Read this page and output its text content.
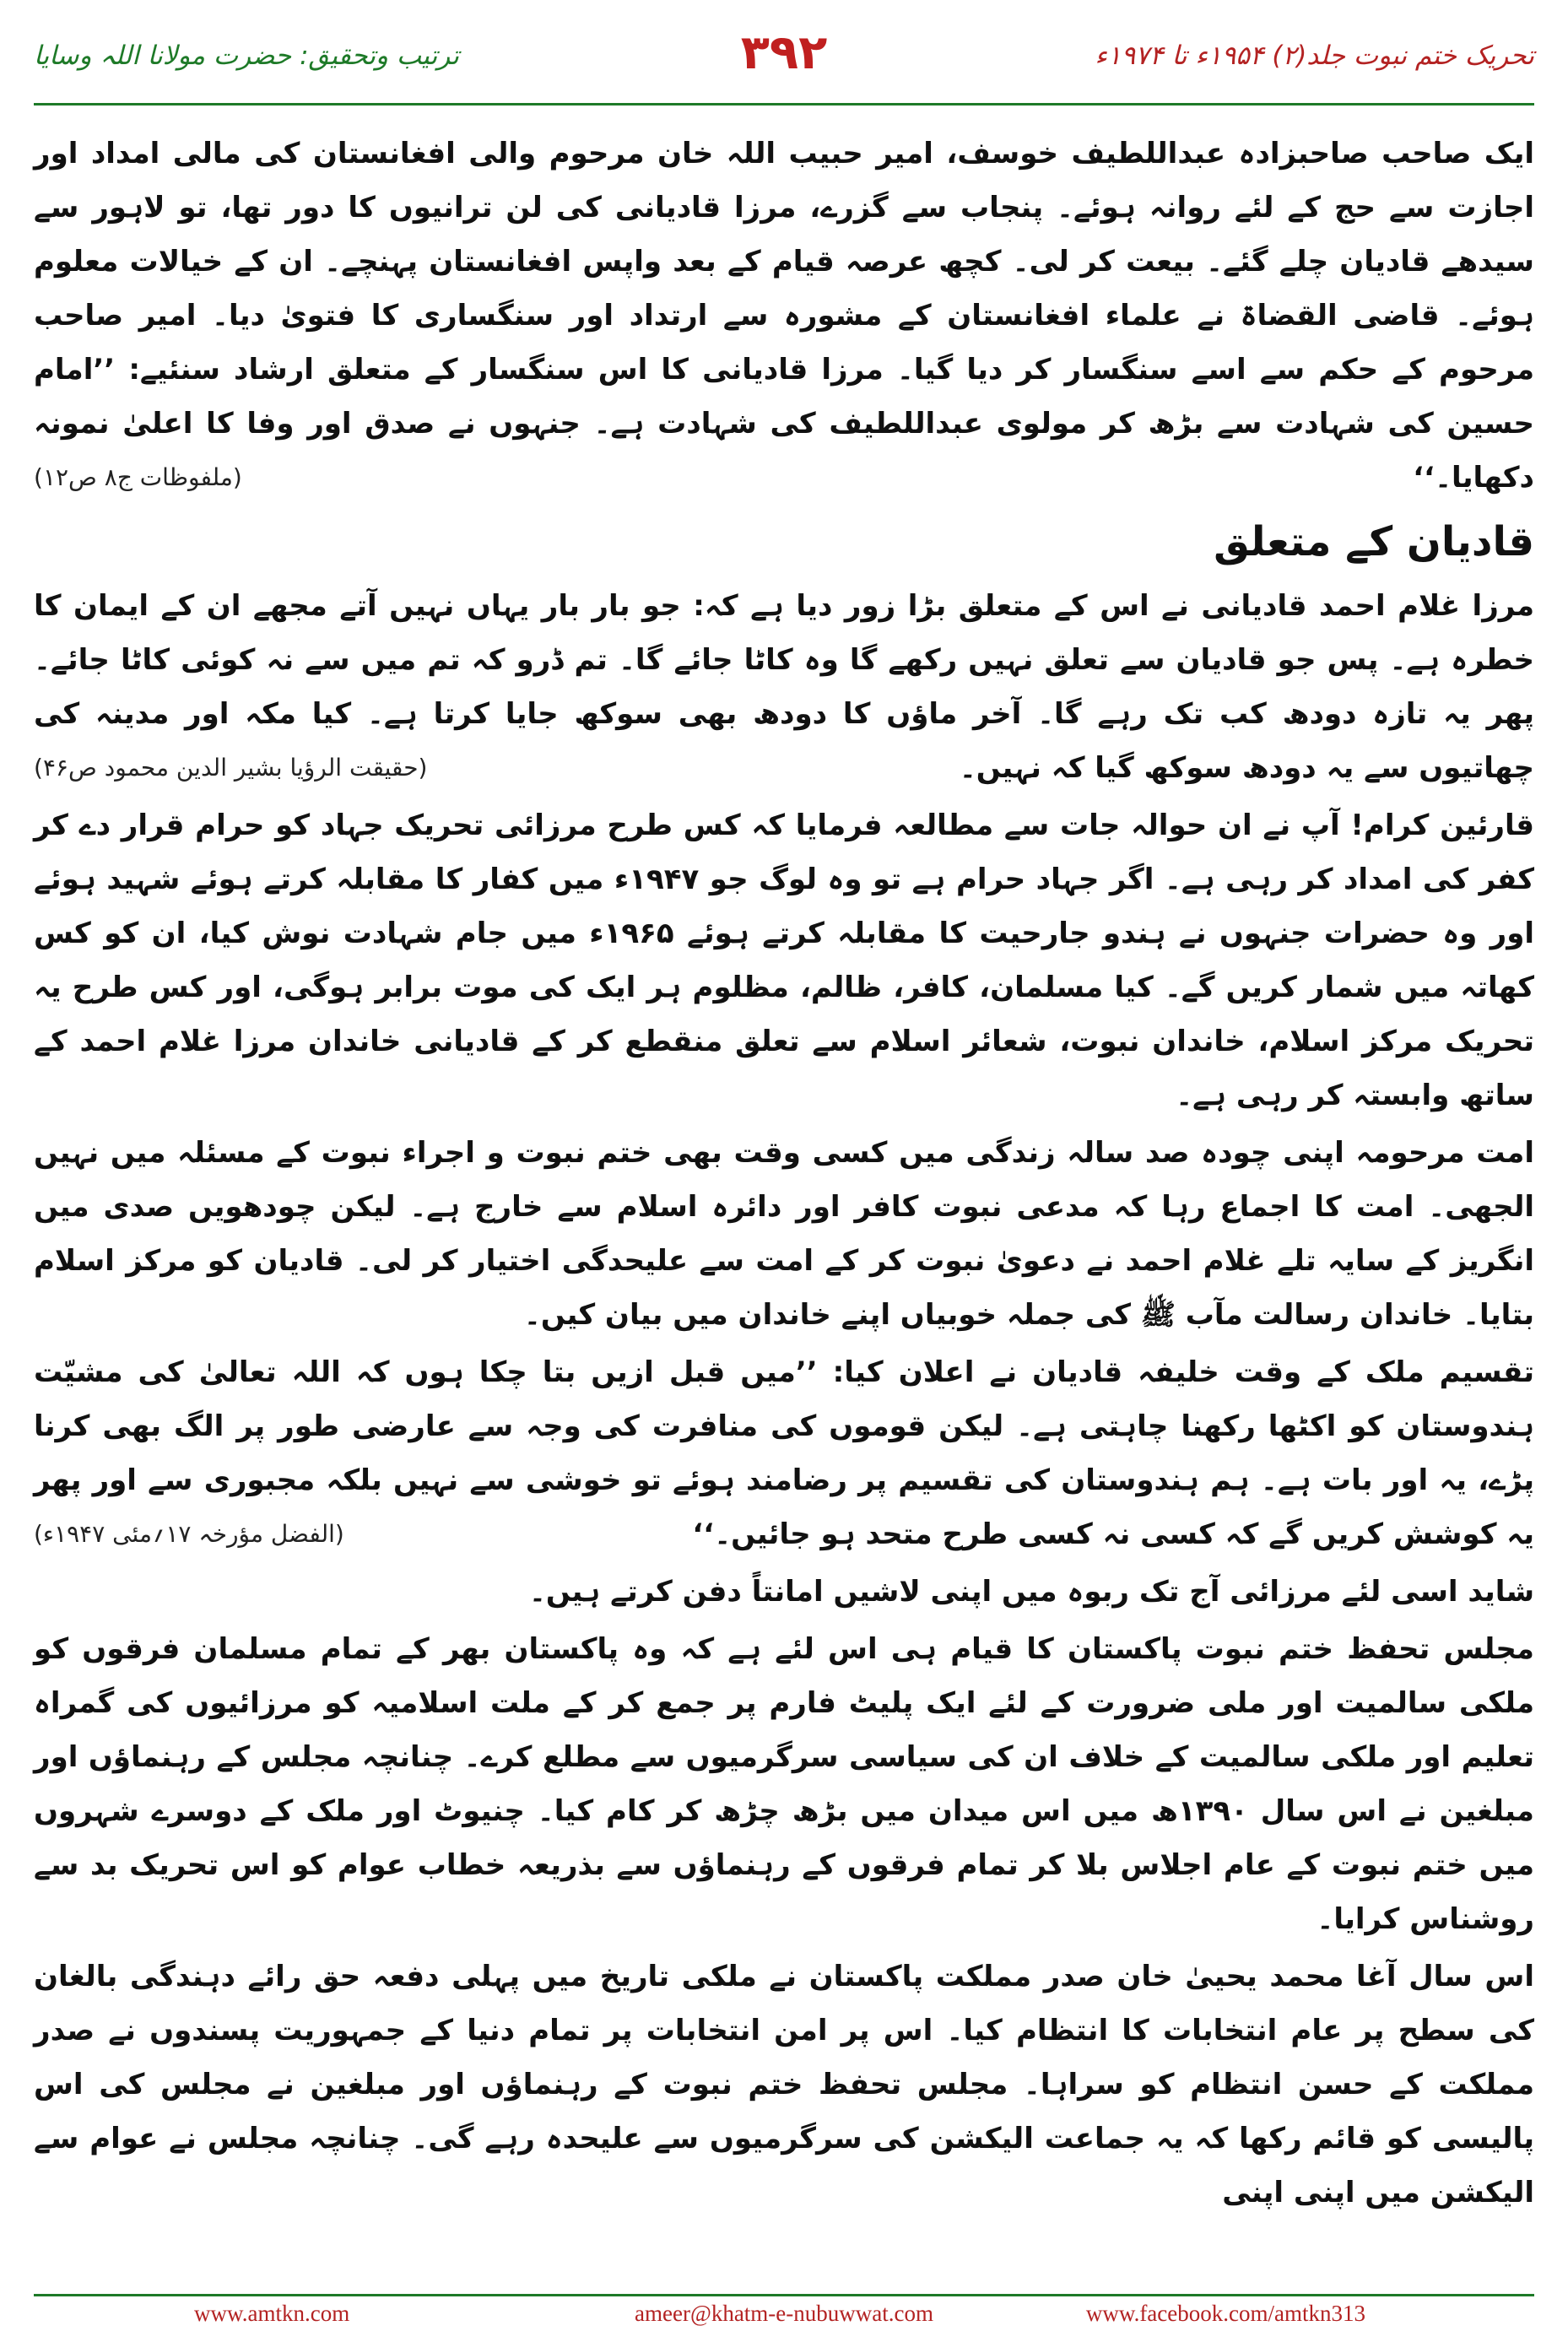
تحریک ختم نبوت جلد(۲) ۱۹۵۴ء تا ۱۹۷۴ء
۳۹۲
ترتیب وتحقیق: حضرت مولانا اللہ وسایا

ایک صاحب صاحبزادہ عبداللطیف خوسف، امیر حبیب اللہ خان مرحوم والی افغانستان کی مالی امداد اور اجازت سے حج کے لئے روانہ ہوئے۔ پنجاب سے گزرے، مرزا قادیانی کی لن ترانیوں کا دور تھا، تو لاہور سے سیدھے قادیان چلے گئے۔ بیعت کر لی۔ کچھ عرصہ قیام کے بعد واپس افغانستان پہنچے۔ ان کے خیالات معلوم ہوئے۔ قاضی القضاۃ نے علماء افغانستان کے مشورہ سے ارتداد اور سنگساری کا فتویٰ دیا۔ امیر صاحب مرحوم کے حکم سے اسے سنگسار کر دیا گیا۔ مرزا قادیانی کا اس سنگسار کے متعلق ارشاد سنئیے: ’’امام حسین کی شہادت سے بڑھ کر مولوی عبداللطیف کی شہادت ہے۔ جنہوں نے صدق اور وفا کا اعلیٰ نمونہ دکھایا۔‘‘
(ملفوظات ج۸ ص۱۲)

قادیان کے متعلق

مرزا غلام احمد قادیانی نے اس کے متعلق بڑا زور دیا ہے کہ: جو بار بار یہاں نہیں آتے مجھے ان کے ایمان کا خطرہ ہے۔ پس جو قادیان سے تعلق نہیں رکھے گا وہ کاٹا جائے گا۔ تم ڈرو کہ تم میں سے نہ کوئی کاٹا جائے۔ پھر یہ تازہ دودھ کب تک رہے گا۔ آخر ماؤں کا دودھ بھی سوکھ جایا کرتا ہے۔ کیا مکہ اور مدینہ کی چھاتیوں سے یہ دودھ سوکھ گیا کہ نہیں۔
(حقیقت الرؤیا بشیر الدین محمود ص۴۶)

قارئین کرام! آپ نے ان حوالہ جات سے مطالعہ فرمایا کہ کس طرح مرزائی تحریک جہاد کو حرام قرار دے کر کفر کی امداد کر رہی ہے۔ اگر جہاد حرام ہے تو وہ لوگ جو ۱۹۴۷ء میں کفار کا مقابلہ کرتے ہوئے شہید ہوئے اور وہ حضرات جنہوں نے ہندو جارحیت کا مقابلہ کرتے ہوئے ۱۹۶۵ء میں جام شہادت نوش کیا، ان کو کس کھاتہ میں شمار کریں گے۔ کیا مسلمان، کافر، ظالم، مظلوم ہر ایک کی موت برابر ہوگی، اور کس طرح یہ تحریک مرکز اسلام، خاندان نبوت، شعائر اسلام سے تعلق منقطع کر کے قادیانی خاندان مرزا غلام احمد کے ساتھ وابستہ کر رہی ہے۔

امت مرحومہ اپنی چودہ صد سالہ زندگی میں کسی وقت بھی ختم نبوت و اجراء نبوت کے مسئلہ میں نہیں الجھی۔ امت کا اجماع رہا کہ مدعی نبوت کافر اور دائرہ اسلام سے خارج ہے۔ لیکن چودھویں صدی میں انگریز کے سایہ تلے غلام احمد نے دعویٰ نبوت کر کے امت سے علیحدگی اختیار کر لی۔ قادیان کو مرکز اسلام بتایا۔ خاندان رسالت مآب ﷺ کی جملہ خوبیاں اپنے خاندان میں بیان کیں۔

تقسیم ملک کے وقت خلیفہ قادیان نے اعلان کیا: ’’میں قبل ازیں بتا چکا ہوں کہ اللہ تعالیٰ کی مشیّت ہندوستان کو اکٹھا رکھنا چاہتی ہے۔ لیکن قوموں کی منافرت کی وجہ سے عارضی طور پر الگ بھی کرنا پڑے، یہ اور بات ہے۔ ہم ہندوستان کی تقسیم پر رضامند ہوئے تو خوشی سے نہیں بلکہ مجبوری سے اور پھر یہ کوشش کریں گے کہ کسی نہ کسی طرح متحد ہو جائیں۔‘‘
(الفضل مؤرخہ ۱۷؍مئی ۱۹۴۷ء)

شاید اسی لئے مرزائی آج تک ربوہ میں اپنی لاشیں امانتاً دفن کرتے ہیں۔

مجلس تحفظ ختم نبوت پاکستان کا قیام ہی اس لئے ہے کہ وہ پاکستان بھر کے تمام مسلمان فرقوں کو ملکی سالمیت اور ملی ضرورت کے لئے ایک پلیٹ فارم پر جمع کر کے ملت اسلامیہ کو مرزائیوں کی گمراہ تعلیم اور ملکی سالمیت کے خلاف ان کی سیاسی سرگرمیوں سے مطلع کرے۔ چنانچہ مجلس کے رہنماؤں اور مبلغین نے اس سال ۱۳۹۰ھ میں اس میدان میں بڑھ چڑھ کر کام کیا۔ چنیوٹ اور ملک کے دوسرے شہروں میں ختم نبوت کے عام اجلاس بلا کر تمام فرقوں کے رہنماؤں سے بذریعہ خطاب عوام کو اس تحریک بد سے روشناس کرایا۔

اس سال آغا محمد یحییٰ خان صدر مملکت پاکستان نے ملکی تاریخ میں پہلی دفعہ حق رائے دہندگی بالغان کی سطح پر عام انتخابات کا انتظام کیا۔ اس پر امن انتخابات پر تمام دنیا کے جمہوریت پسندوں نے صدر مملکت کے حسن انتظام کو سراہا۔ مجلس تحفظ ختم نبوت کے رہنماؤں اور مبلغین نے مجلس کی اس پالیسی کو قائم رکھا کہ یہ جماعت الیکشن کی سرگرمیوں سے علیحدہ رہے گی۔ چنانچہ مجلس نے عوام سے الیکشن میں اپنی اپنی

www.amtkn.com	ameer@khatm-e-nubuwwat.com	www.facebook.com/amtkn313
